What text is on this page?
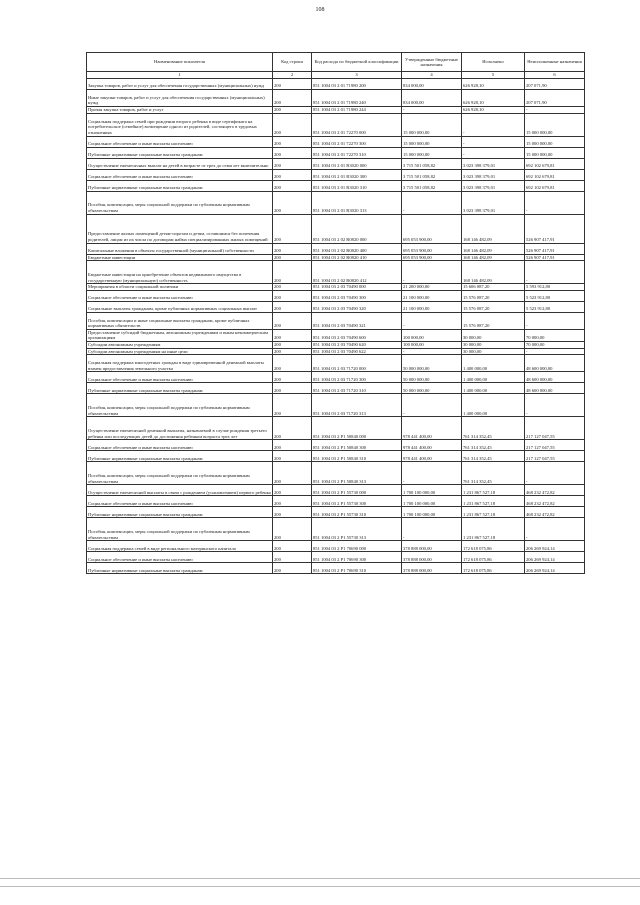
108
Наименование показателя	Код строки	Код расхода по бюджетной классификации	Утвержденные бюджетные назначения	Исполнено	Неисполненные назначения
1	2	3	4	5	6
Закупка товаров, работ и услуг для обеспечения государственных (муниципальных) нужд	200	851 1004 03 2 01 71980 200	834 000,00	626 928,10	207 071,90
Иные закупки товаров, работ и услуг для обеспечения государственных (муниципальных) нужд	200	851 1004 03 2 01 71980 240	834 000,00	626 928,10	207 071,90
Прочая закупка товаров, работ и услуг	200	851 1004 03 2 01 71980 244	-	626 928,10	-
Социальная поддержка семей при рождении второго ребенка в виде сертификата на потребительское (семейное) возмещение одного из родителей, состоящего в трудовых отношениях	200	851 1004 03 2 01 72270 000	15 000 000,00	-	15 000 000,00
Социальное обеспечение и иные выплаты населению	200	851 1004 03 2 01 72270 300	15 000 000,00	-	15 000 000,00
Публичные нормативные социальные выплаты гражданам	200	851 1004 03 2 01 72270 310	15 000 000,00	-	15 000 000,00
Осуществление ежемесячных выплат на детей в возрасте от трех до семи лет включительно	200	851 1004 03 2 01 R3020 000	3 715 501 058,82	3 023 398 379,01	692 102 679,81
Социальное обеспечение и иные выплаты населению	200	851 1004 03 2 01 R3020 300	3 715 501 058,82	3 023 398 379,01	692 102 679,81
Публичные нормативные социальные выплаты гражданам	200	851 1004 03 2 01 R3020 310	3 715 501 058,82	3 023 398 379,01	692 102 679,81
Пособия, компенсации, меры социальной поддержки по публичным нормативным обязательствам	200	851 1004 03 2 01 R3020 313	-	3 023 398 379,01	-
Предоставление жилых помещений детям-сиротам и детям, оставшимся без попечения родителей, лицам из их числа по договорам найма специализированных жилых помещений	200	851 1004 03 2 02 R0820 000	695 053 900,00	168 146 482,09	526 907 417,91
Капитальные вложения в объекты государственной (муниципальной) собственности	200	851 1004 03 2 02 R0820 400	695 053 900,00	168 146 482,09	526 907 417,91
Бюджетные инвестиции	200	851 1004 03 2 02 R0820 410	695 053 900,00	168 146 482,09	526 907 417,91
Бюджетные инвестиции на приобретение объектов недвижимого имущества в государственную (муниципальную) собственность	200	851 1004 03 2 02 R0820 412	-	168 146 482,09	-
Мероприятия в области социальной политики	200	851 1004 03 2 03 70490 000	21 200 000,00	15 606 087,20	5 593 912,80
Социальное обеспечение и иные выплаты населению	200	851 1004 03 2 03 70490 300	21 100 000,00	15 576 087,20	5 523 912,80
Социальные выплаты гражданам, кроме публичных нормативных социальных выплат	200	851 1004 03 2 03 70490 320	21 100 000,00	15 576 087,20	5 523 912,80
Пособия, компенсации и иные социальные выплаты гражданам, кроме публичных нормативных обязательств	200	851 1004 03 2 03 70490 321	-	15 576 087,20	-
Предоставление субсидий бюджетным, автономным учреждениям и иным некоммерческим организациям	200	851 1004 03 2 03 70490 600	100 000,00	30 000,00	70 000,00
Субсидии автономным учреждениям	200	851 1004 03 2 03 70490 620	100 000,00	30 000,00	70 000,00
Субсидии автономным учреждениям на иные цели	200	851 1004 03 2 03 70490 622	-	30 000,00	-
Социальная поддержка многодетных граждан в виде единовременной денежной выплаты взамен предоставления земельного участка	200	851 1004 03 2 03 71720 000	50 000 000,00	1 400 000,00	48 600 000,00
Социальное обеспечение и иные выплаты населению	200	851 1004 03 2 03 71720 300	50 000 000,00	1 400 000,00	48 600 000,00
Публичные нормативные социальные выплаты гражданам	200	851 1004 03 2 03 71720 310	50 000 000,00	1 400 000,00	48 600 000,00
Пособия, компенсации, меры социальной поддержки по публичным нормативным обязательствам	200	851 1004 03 2 03 71720 313	-	1 400 000,00	-
Осуществление ежемесячной денежной выплаты, назначаемой в случае рождения третьего ребенка или последующих детей до достижения ребенком возраста трех лет	200	851 1004 03 2 P1 50840 000	978 441 400,00	761 314 352,45	217 127 047,55
Социальное обеспечение и иные выплаты населению	200	851 1004 03 2 P1 50840 300	978 441 400,00	761 314 352,45	217 127 047,55
Публичные нормативные социальные выплаты гражданам	200	851 1004 03 2 P1 50840 310	978 441 400,00	761 314 352,45	217 127 047,55
Пособия, компенсации, меры социальной поддержки по публичным нормативным обязательствам	200	851 1004 03 2 P1 50840 313	-	761 314 352,45	-
Осуществление ежемесячной выплаты в связи с рождением (усыновлением) первого ребенка	200	851 1004 03 2 P1 55730 000	1 700 100 000,00	1 231 867 527,18	468 232 472,82
Социальное обеспечение и иные выплаты населению	200	851 1004 03 2 P1 55730 300	1 700 100 000,00	1 231 867 527,18	468 232 472,82
Публичные нормативные социальные выплаты гражданам	200	851 1004 03 2 P1 55730 310	1 700 100 000,00	1 231 867 527,18	468 232 472,82
Пособия, компенсации, меры социальной поддержки по публичным нормативным обязательствам	200	851 1004 03 2 P1 55730 313	-	1 231 867 527,18	-
Социальная поддержка семей в виде регионального материнского капитала	200	851 1004 03 2 P1 70690 000	378 888 000,00	172 618 075,86	206 269 924,14
Социальное обеспечение и иные выплаты населению	200	851 1004 03 2 P1 70690 300	378 888 000,00	172 618 075,86	206 269 924,14
Публичные нормативные социальные выплаты гражданам	200	851 1004 03 2 P1 70690 310	378 888 000,00	172 618 075,86	206 269 924,14
